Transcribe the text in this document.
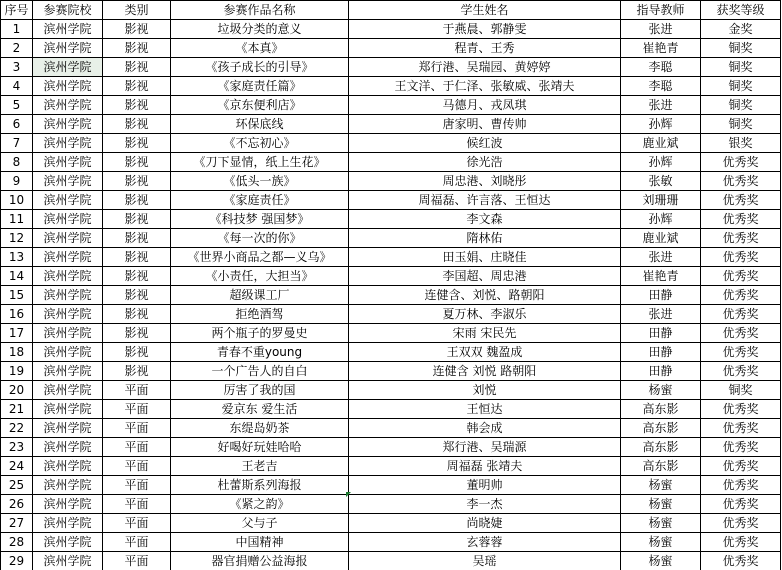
序号	参赛院校	类别	参赛作品名称	学生姓名	指导教师	获奖等级
1	滨州学院	影视	垃圾分类的意义	于燕晨、郭静雯	张进	金奖
2	滨州学院	影视	《本真》	程青、王秀	崔艳青	铜奖
3	滨州学院	影视	《孩子成长的引导》	郑行港、吴瑞园、黄婷婷	李聪	铜奖
4	滨州学院	影视	《家庭责任篇》	王文洋、于仁泽、张敏威、张靖夫	李聪	铜奖
5	滨州学院	影视	《京东便利店》	马德月、戎凤琪	张进	铜奖
6	滨州学院	影视	环保底线	唐家明、曹传帅	孙辉	铜奖
7	滨州学院	影视	《不忘初心》	候红波	鹿业斌	银奖
8	滨州学院	影视	《刀下显情，纸上生花》	徐光浩	孙辉	优秀奖
9	滨州学院	影视	《低头一族》	周忠港、刘晓彤	张敏	优秀奖
10	滨州学院	影视	《家庭责任》	周福磊、许言落、王恒达	刘珊珊	优秀奖
11	滨州学院	影视	《科技梦 强国梦》	李文森	孙辉	优秀奖
12	滨州学院	影视	《每一次的你》	隋林佑	鹿业斌	优秀奖
13	滨州学院	影视	《世界小商品之都—义乌》	田玉娟、庄晓佳	张进	优秀奖
14	滨州学院	影视	《小责任，大担当》	李国超、周忠港	崔艳青	优秀奖
15	滨州学院	影视	超级课工厂	连健含、刘悦、路朝阳	田静	优秀奖
16	滨州学院	影视	拒绝酒驾	夏万林、李淑乐	张进	优秀奖
17	滨州学院	影视	两个瓶子的罗曼史	宋雨 宋民先	田静	优秀奖
18	滨州学院	影视	青春不重young	王双双 魏盈成	田静	优秀奖
19	滨州学院	影视	一个广告人的自白	连健含 刘悦 路朝阳	田静	优秀奖
20	滨州学院	平面	厉害了我的国	刘悦	杨蜜	铜奖
21	滨州学院	平面	爱京东 爱生活	王恒达	高东影	优秀奖
22	滨州学院	平面	东缇岛奶茶	韩会成	高东影	优秀奖
23	滨州学院	平面	好喝好玩娃哈哈	郑行港、吴瑞源	高东影	优秀奖
24	滨州学院	平面	王老吉	周福磊 张靖夫	高东影	优秀奖
25	滨州学院	平面	杜蕾斯系列海报	董明帅	杨蜜	优秀奖
26	滨州学院	平面	《紧之韵》	李一杰	杨蜜	优秀奖
27	滨州学院	平面	父与子	尚晓婕	杨蜜	优秀奖
28	滨州学院	平面	中国精神	玄蓉蓉	杨蜜	优秀奖
29	滨州学院	平面	器官捐赠公益海报	吴瑶	杨蜜	优秀奖
